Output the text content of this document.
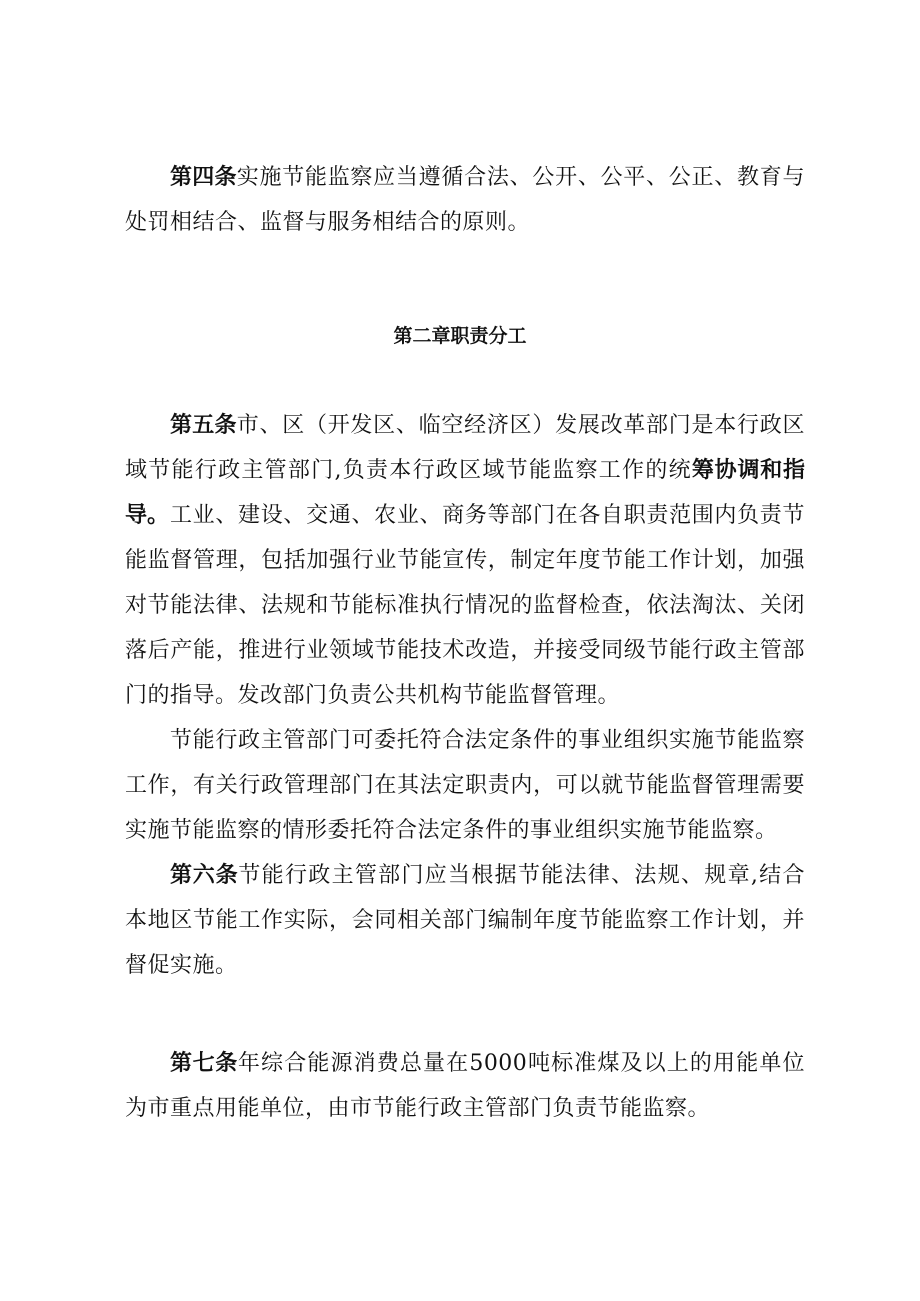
第四条实施节能监察应当遵循合法、公开、公平、公正、教育与处罚相结合、监督与服务相结合的原则。

第二章职责分工

第五条市、区（开发区、临空经济区）发展改革部门是本行政区域节能行政主管部门,负责本行政区域节能监察工作的统筹协调和指导。 工业、建设、交通、农业、商务等部门在各自职责范围内负责节能监督管理，包括加强行业节能宣传，制定年度节能工作计划，加强对节能法律、法规和节能标准执行情况的监督检查，依法淘汰、关闭落后产能，推进行业领域节能技术改造，并接受同级节能行政主管部门的指导。发改部门负责公共机构节能监督管理。

节能行政主管部门可委托符合法定条件的事业组织实施节能监察工作，有关行政管理部门在其法定职责内，可以就节能监督管理需要实施节能监察的情形委托符合法定条件的事业组织实施节能监察。

第六条节能行政主管部门应当根据节能法律、法规、规章,结合本地区节能工作实际，会同相关部门编制年度节能监察工作计划，并督促实施。

第七条年综合能源消费总量在5000吨标准煤及以上的用能单位为市重点用能单位，由市节能行政主管部门负责节能监察。
